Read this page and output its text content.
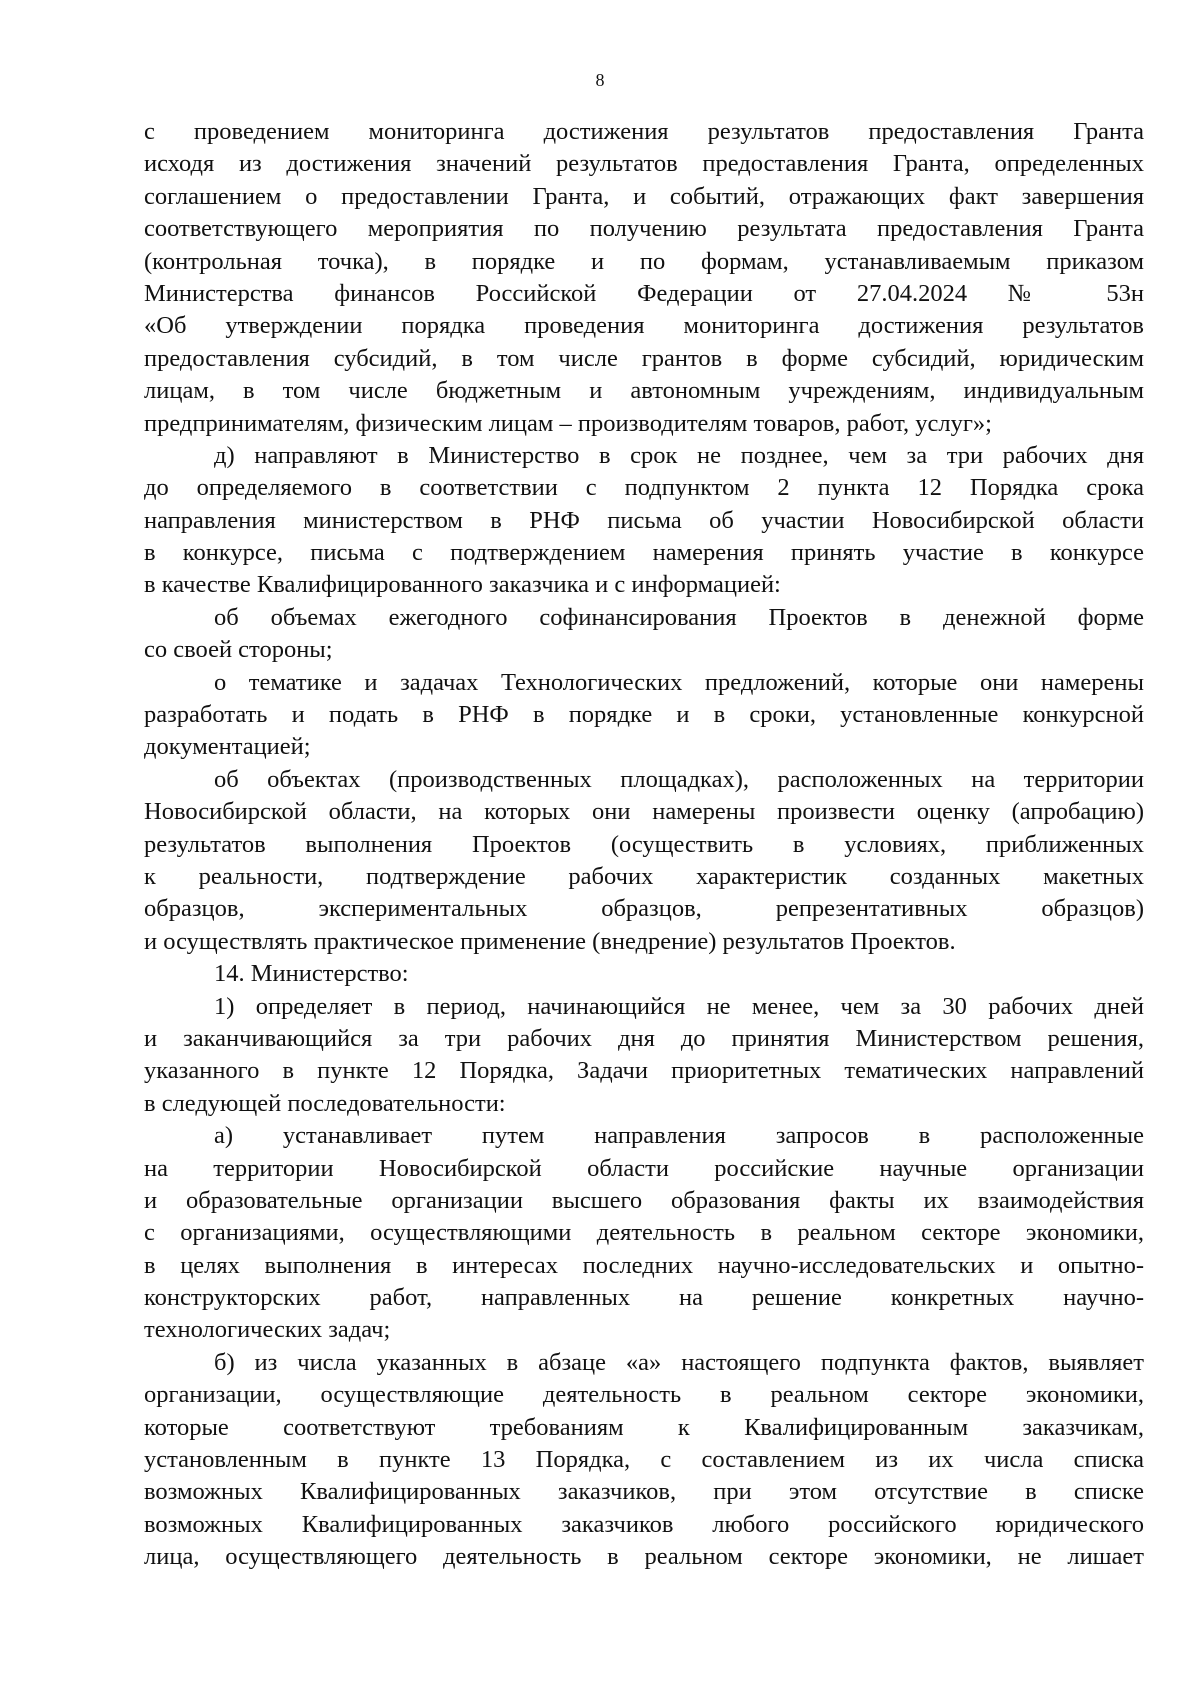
8
с проведением мониторинга достижения результатов предоставления Гранта
исходя из достижения значений результатов предоставления Гранта, определенных
соглашением о предоставлении Гранта, и событий, отражающих факт завершения
соответствующего мероприятия по получению результата предоставления Гранта
(контрольная точка), в порядке и по формам, устанавливаемым приказом
Министерства финансов Российской Федерации от 27.04.2024 № 53н
«Об утверждении порядка проведения мониторинга достижения результатов
предоставления субсидий, в том числе грантов в форме субсидий, юридическим
лицам, в том числе бюджетным и автономным учреждениям, индивидуальным
предпринимателям, физическим лицам – производителям товаров, работ, услуг»;
д) направляют в Министерство в срок не позднее, чем за три рабочих дня
до определяемого в соответствии с подпунктом 2 пункта 12 Порядка срока
направления министерством в РНФ письма об участии Новосибирской области
в конкурсе, письма с подтверждением намерения принять участие в конкурсе
в качестве Квалифицированного заказчика и с информацией:
об объемах ежегодного софинансирования Проектов в денежной форме
со своей стороны;
о тематике и задачах Технологических предложений, которые они намерены
разработать и подать в РНФ в порядке и в сроки, установленные конкурсной
документацией;
об объектах (производственных площадках), расположенных на территории
Новосибирской области, на которых они намерены произвести оценку (апробацию)
результатов выполнения Проектов (осуществить в условиях, приближенных
к реальности, подтверждение рабочих характеристик созданных макетных
образцов, экспериментальных образцов, репрезентативных образцов)
и осуществлять практическое применение (внедрение) результатов Проектов.
14. Министерство:
1) определяет в период, начинающийся не менее, чем за 30 рабочих дней
и заканчивающийся за три рабочих дня до принятия Министерством решения,
указанного в пункте 12 Порядка, Задачи приоритетных тематических направлений
в следующей последовательности:
а) устанавливает путем направления запросов в расположенные
на территории Новосибирской области российские научные организации
и образовательные организации высшего образования факты их взаимодействия
с организациями, осуществляющими деятельность в реальном секторе экономики,
в целях выполнения в интересах последних научно-исследовательских и опытно-
конструкторских работ, направленных на решение конкретных научно-
технологических задач;
б) из числа указанных в абзаце «а» настоящего подпункта фактов, выявляет
организации, осуществляющие деятельность в реальном секторе экономики,
которые соответствуют требованиям к Квалифицированным заказчикам,
установленным в пункте 13 Порядка, с составлением из их числа списка
возможных Квалифицированных заказчиков, при этом отсутствие в списке
возможных Квалифицированных заказчиков любого российского юридического
лица, осуществляющего деятельность в реальном секторе экономики, не лишает
